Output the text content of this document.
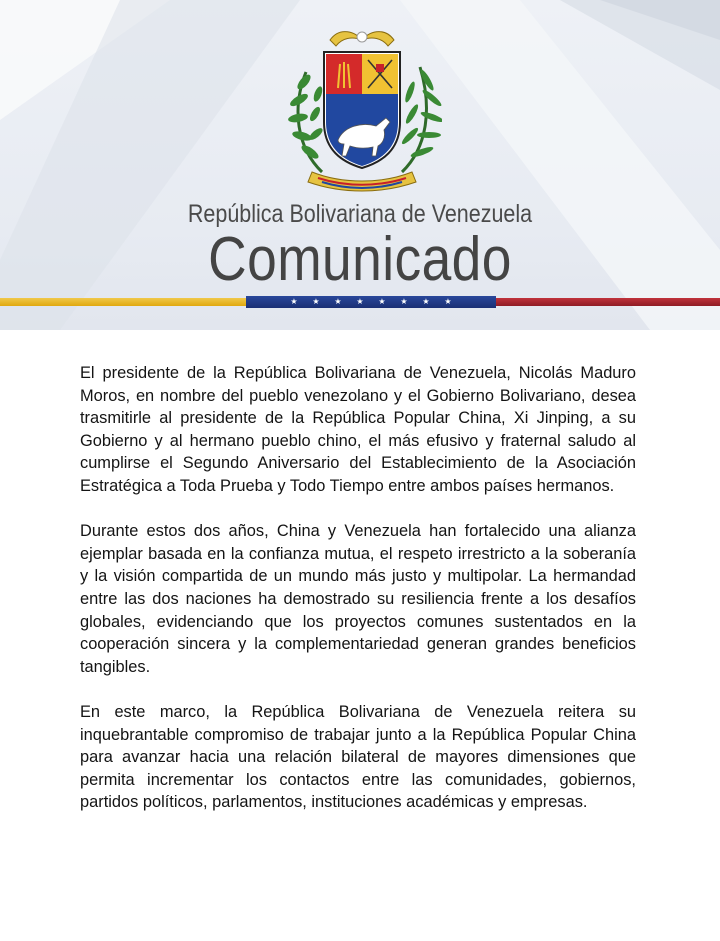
República Bolivariana de Venezuela
Comunicado
★	★	★	★	★	★	★	★

El presidente de la República Bolivariana de Venezuela, Nicolás Maduro Moros, en nombre del pueblo venezolano y el Gobierno Bolivariano, desea trasmitirle al presidente de la República Popular China, Xi Jinping, a su Gobierno y al hermano pueblo chino, el más efusivo y fraternal saludo al cumplirse el Segundo Aniversario del Establecimiento de la Asociación Estratégica a Toda Prueba y Todo Tiempo entre ambos países hermanos.

Durante estos dos años, China y Venezuela han fortalecido una alianza ejemplar basada en la confianza mutua, el respeto irrestricto a la soberanía y la visión compartida de un mundo más justo y multipolar. La hermandad entre las dos naciones ha demostrado su resiliencia frente a los desafíos globales, evidenciando que los proyectos comunes sustentados en la cooperación sincera y la complementariedad generan grandes beneficios tangibles.

En este marco, la República Bolivariana de Venezuela reitera su inquebrantable compromiso de trabajar junto a la República Popular China para avanzar hacia una relación bilateral de mayores dimensiones que permita incrementar los contactos entre las comunidades, gobiernos, partidos políticos, parlamentos, instituciones académicas y empresas.
